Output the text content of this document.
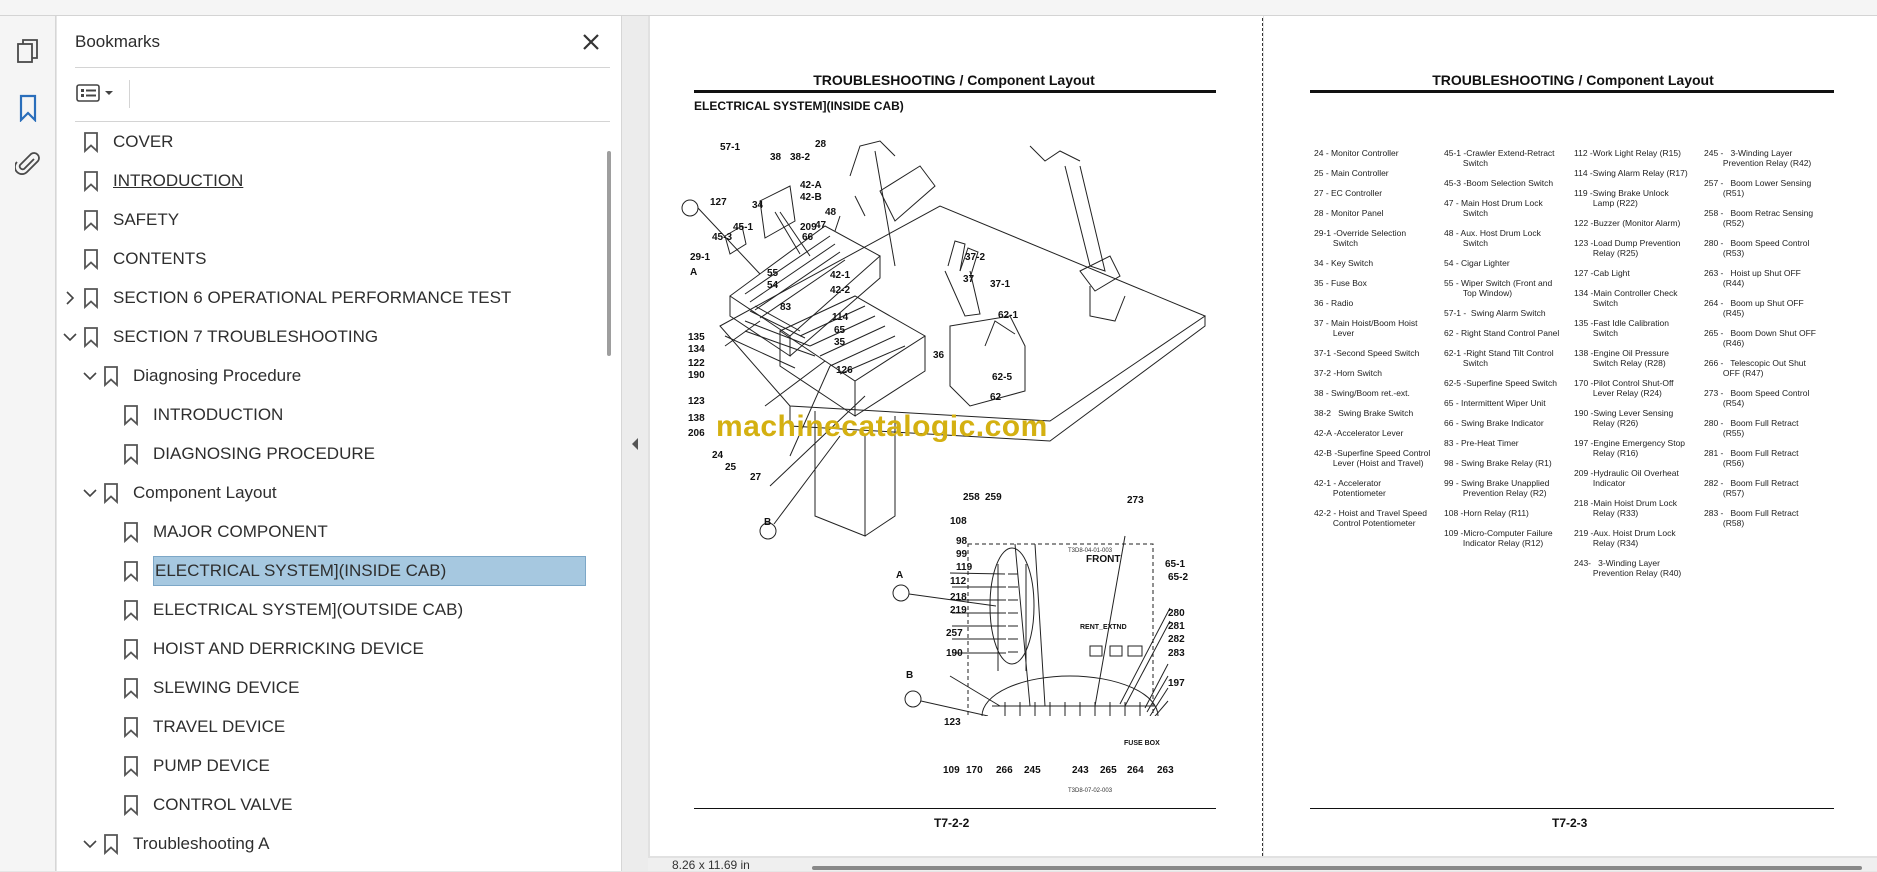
Bookmarks
COVER
INTRODUCTION
SAFETY
CONTENTS
SECTION 6 OPERATIONAL PERFORMANCE TEST
SECTION 7 TROUBLESHOOTING
Diagnosing Procedure
INTRODUCTION
DIAGNOSING PROCEDURE
Component Layout
MAJOR COMPONENT
ELECTRICAL SYSTEM](INSIDE CAB)
ELECTRICAL SYSTEM](OUTSIDE CAB)
HOIST AND DERRICKING DEVICE
SLEWING DEVICE
TRAVEL DEVICE
PUMP DEVICE
CONTROL VALVE
Troubleshooting A
TROUBLESHOOTING / Component Layout
ELECTRICAL SYSTEM](INSIDE CAB)
57-1
38 38-2
28
42-A
42-B
127	34
209
66
48
47
45-3
45-1
29-1
55
54
42-1
42-2
37-2
37 37-1
A
83
114
65
35
62-1
135
134
122
190	126
36
62-5
123
138
206
62
24
25
27
B
258 259	273
108
98
99
119
112
218
219
A
FRONT	65-1
65-2
RENT_EXTND
280
281
257
282
190	283
B
197
123
FUSE BOX
109 170 266 245	243 265 264 263
T3D8-04-01-003
T3D8-07-02-003
T7-2-2
TROUBLESHOOTING / Component Layout
T7-2-3
24 - Monitor Controller
25 - Main Controller
27 - EC Controller
28 - Monitor Panel
29-1 -Override Selection
Switch
34 - Key Switch
35 - Fuse Box
36 - Radio
37 - Main Hoist/Boom Hoist
Lever
37-1 -Second Speed Switch
37-2 -Horn Switch
38 - Swing/Boom ret.-ext.
38-2   Swing Brake Switch
42-A -Accelerator Lever
42-B -Superfine Speed Control
Lever (Hoist and Travel)
42-1 - Accelerator
Potentiometer
42-2 - Hoist and Travel Speed
Control Potentiometer
45-1 -Crawler Extend-Retract
Switch
45-3 -Boom Selection Switch
47 - Main Host Drum Lock
Switch
48 - Aux. Host Drum Lock
Switch
54 - Cigar Lighter
55 - Wiper Switch (Front and
Top Window)
57-1 -  Swing Alarm Switch
62 - Right Stand Control Panel
62-1 -Right Stand Tilt Control
Switch
62-5 -Superfine Speed Switch
65 - Intermittent Wiper Unit
66 - Swing Brake Indicator
83 - Pre-Heat Timer
98 - Swing Brake Relay (R1)
99 - Swing Brake Unapplied
Prevention Relay (R2)
108 -Horn Relay (R11)
109 -Micro-Computer Failure
Indicator Relay (R12)
112 -Work Light Relay (R15)
114 -Swing Alarm Relay (R17)
119 -Swing Brake Unlock
Lamp (R22)
122 -Buzzer (Monitor Alarm)
123 -Load Dump Prevention
Relay (R25)
127 -Cab Light
134 -Main Controller Check
Switch
135 -Fast Idle Calibration
Switch
138 -Engine Oil Pressure
Switch Relay (R28)
170 -Pilot Control Shut-Off
Lever Relay (R24)
190 -Swing Lever Sensing
Relay (R26)
197 -Engine Emergency Stop
Relay (R16)
209 -Hydraulic Oil Overheat
Indicator
218 -Main Hoist Drum Lock
Relay (R33)
219 -Aux. Hoist Drum Lock
Relay (R34)
243-   3-Winding Layer
Prevention Relay (R40)
245 -   3-Winding Layer
Prevention Relay (R42)
257 -   Boom Lower Sensing
(R51)
258 -   Boom Retrac Sensing
(R52)
280 -   Boom Speed Control
(R53)
263 -   Hoist up Shut OFF
(R44)
264 -   Boom up Shut OFF
(R45)
265 -   Boom Down Shut OFF
(R46)
266 -   Telescopic Out Shut
OFF (R47)
273 -   Boom Speed Control
(R54)
280 -   Boom Full Retract
(R55)
281 -   Boom Full Retract
(R56)
282 -   Boom Full Retract
(R57)
283 -   Boom Full Retract
(R58)
machinecatalogic.com
8.26 x 11.69 in
